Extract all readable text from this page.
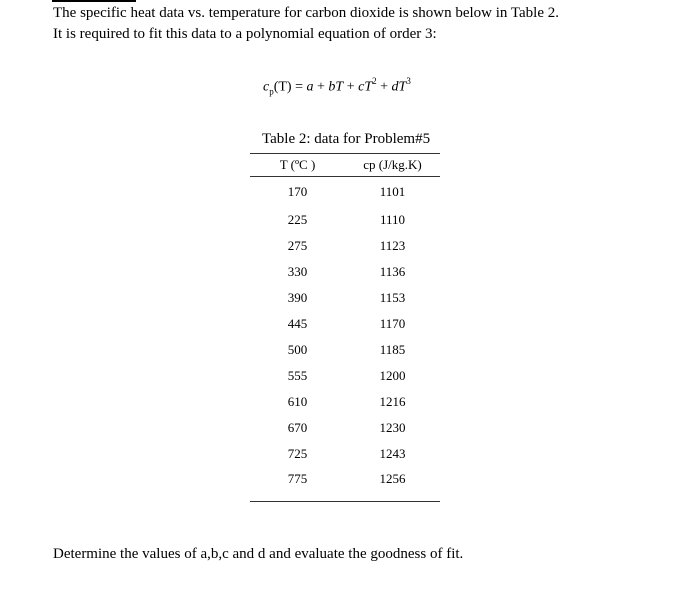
The specific heat data vs. temperature for carbon dioxide is shown below in Table 2.
It is required to fit this data to a polynomial equation of order 3:
$c_p(T) = a$ + bT + $cT^2 + dT^3$
Table 2: data for Problem#5
T (ºC )	cp (J/kg.K)
170	1101
225	1110
275	1123
330	1136
390	1153
445	1170
500	1185
555	1200
610	1216
670	1230
725	1243
775	1256
Determine the values of a,b,c and d and evaluate the goodness of fit.
